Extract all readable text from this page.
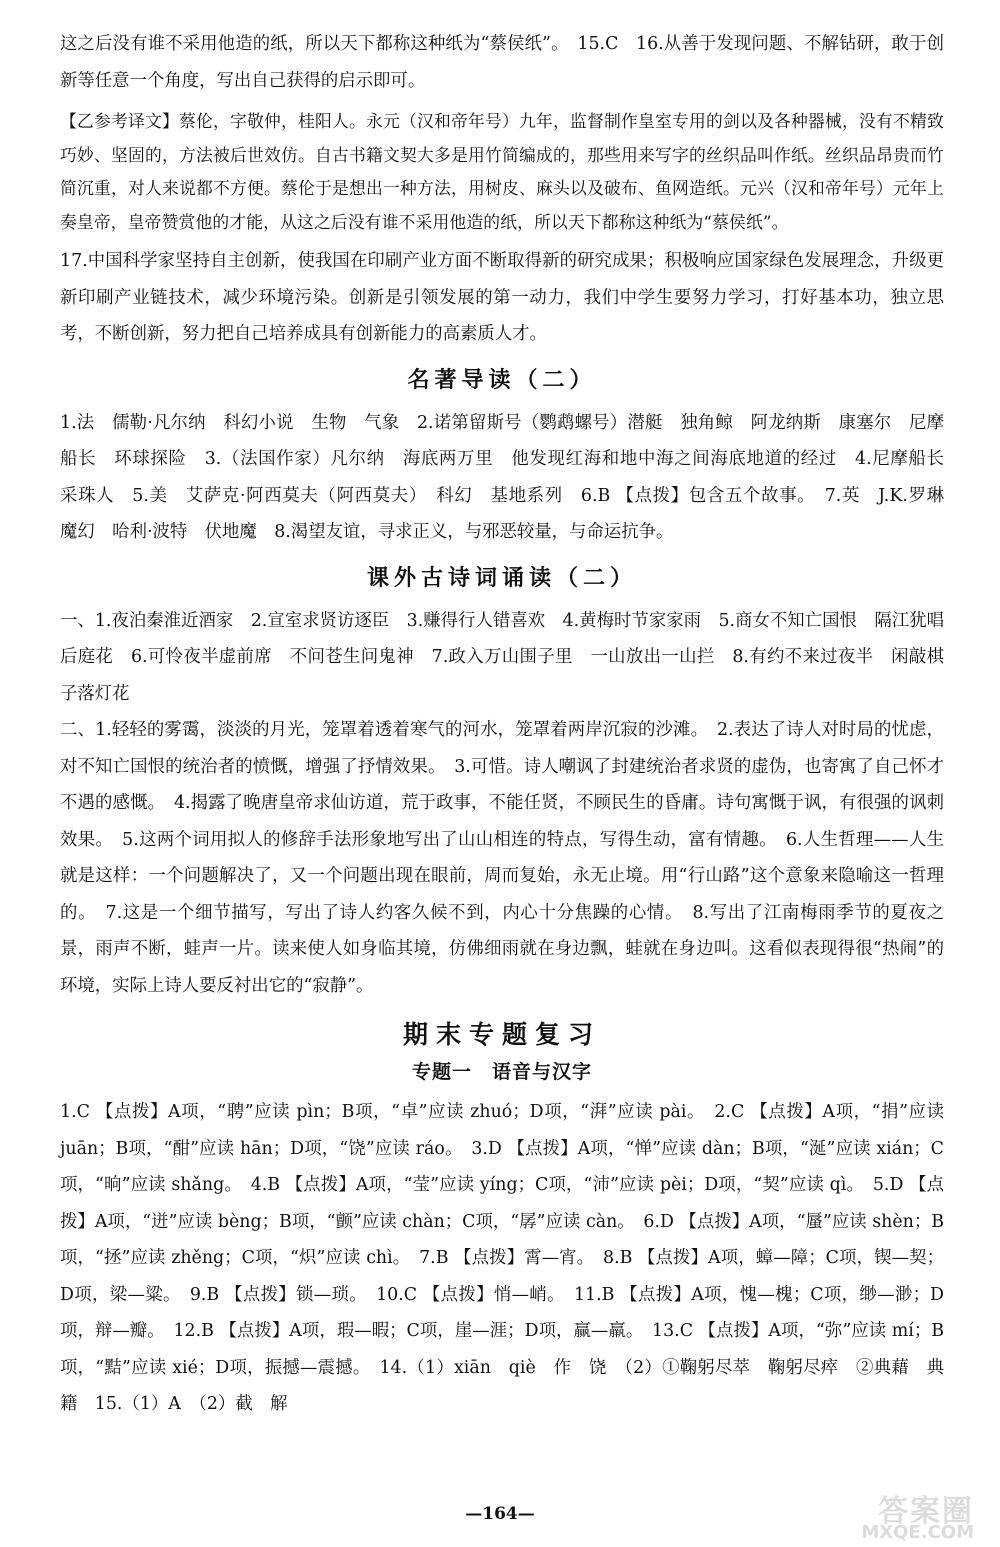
这之后没有谁不采用他造的纸，所以天下都称这种纸为“蔡侯纸”。　15.C　16.从善于发现问题、不解钻研，敢于创新等任意一个角度，写出自己获得的启示即可。

【乙参考译文】蔡伦，字敬仲，桂阳人。永元（汉和帝年号）九年，监督制作皇室专用的剑以及各种器械，没有不精致巧妙、坚固的，方法被后世效仿。自古书籍文契大多是用竹简编成的，那些用来写字的丝织品叫作纸。丝织品昂贵而竹简沉重，对人来说都不方便。蔡伦于是想出一种方法，用树皮、麻头以及破布、鱼网造纸。元兴（汉和帝年号）元年上奏皇帝，皇帝赞赏他的才能，从这之后没有谁不采用他造的纸，所以天下都称这种纸为“蔡侯纸”。

17.中国科学家坚持自主创新，使我国在印刷产业方面不断取得新的研究成果；积极响应国家绿色发展理念，升级更新印刷产业链技术，减少环境污染。创新是引领发展的第一动力，我们中学生要努力学习，打好基本功，独立思考，不断创新，努力把自己培养成具有创新能力的高素质人才。

名著导读（二）

1.法　儒勒·凡尔纳　科幻小说　生物　气象　2.诺第留斯号（鹦鹉螺号）潜艇　独角鲸　阿龙纳斯　康塞尔　尼摩船长　环球探险　3.（法国作家）凡尔纳　海底两万里　他发现红海和地中海之间海底地道的经过　4.尼摩船长　采珠人　5.美　艾萨克·阿西莫夫（阿西莫夫）　科幻　基地系列　6.B 【点拨】包含五个故事。　7.英　J.K.罗琳　魔幻　哈利·波特　伏地魔　8.渴望友谊，寻求正义，与邪恶较量，与命运抗争。

课外古诗词诵读（二）

一、1.夜泊秦淮近酒家　2.宣室求贤访逐臣　3.赚得行人错喜欢　4.黄梅时节家家雨　5.商女不知亡国恨　隔江犹唱后庭花　6.可怜夜半虚前席　不问苍生问鬼神　7.政入万山围子里　一山放出一山拦　8.有约不来过夜半　闲敲棋子落灯花

二、1.轻轻的雾霭，淡淡的月光，笼罩着透着寒气的河水，笼罩着两岸沉寂的沙滩。　2.表达了诗人对时局的忧虑，对不知亡国恨的统治者的愤慨，增强了抒情效果。　3.可惜。诗人嘲讽了封建统治者求贤的虚伪，也寄寓了自己怀才不遇的感慨。　4.揭露了晚唐皇帝求仙访道，荒于政事，不能任贤，不顾民生的昏庸。诗句寓慨于讽，有很强的讽刺效果。　5.这两个词用拟人的修辞手法形象地写出了山山相连的特点，写得生动，富有情趣。　6.人生哲理——人生就是这样：一个问题解决了，又一个问题出现在眼前，周而复始，永无止境。用“行山路”这个意象来隐喻这一哲理的。　7.这是一个细节描写，写出了诗人约客久候不到，内心十分焦躁的心情。　8.写出了江南梅雨季节的夏夜之景，雨声不断，蛙声一片。读来使人如身临其境，仿佛细雨就在身边飘，蛙就在身边叫。这看似表现得很“热闹”的环境，实际上诗人要反衬出它的“寂静”。

期末专题复习
专题一　语音与汉字

1.C 【点拨】A项，“聘”应读 pìn；B项，“卓”应读 zhuó；D项，“湃”应读 pài。　2.C 【点拨】A项，“捐”应读 juān；B项，“酣”应读 hān；D项，“饶”应读 ráo。　3.D 【点拨】A项，“惮”应读 dàn；B项，“涎”应读 xián；C项，“晌”应读 shǎng。　4.B 【点拨】A项，“莹”应读 yíng；C项，“沛”应读 pèi；D项，“契”应读 qì。　5.D 【点拨】A项，“迸”应读 bèng；B项，“颤”应读 chàn；C项，“孱”应读 càn。　6.D 【点拨】A项，“蜃”应读 shèn；B项，“拯”应读 zhěng；C项，“炽”应读 chì。　7.B 【点拨】霄—宵。　8.B 【点拨】A项，蟑—障；C项，锲—契；D项，梁—粱。　9.B 【点拨】锁—琐。　10.C 【点拨】悄—峭。　11.B 【点拨】A项，愧—槐；C项，缈—渺；D项，辩—瓣。　12.B 【点拨】A项，瑕—暇；C项，崖—涯；D项，赢—羸。　13.C 【点拨】A项，“弥”应读 mí；B项，“黠”应读 xié；D项，振撼—震撼。　14.（1）xiān　qiè　作　饶　（2）①鞠躬尽萃　鞠躬尽瘁　②典藉　典籍　15.（1）A　（2）截　解

—164—	答案圈
MXQE.COM
